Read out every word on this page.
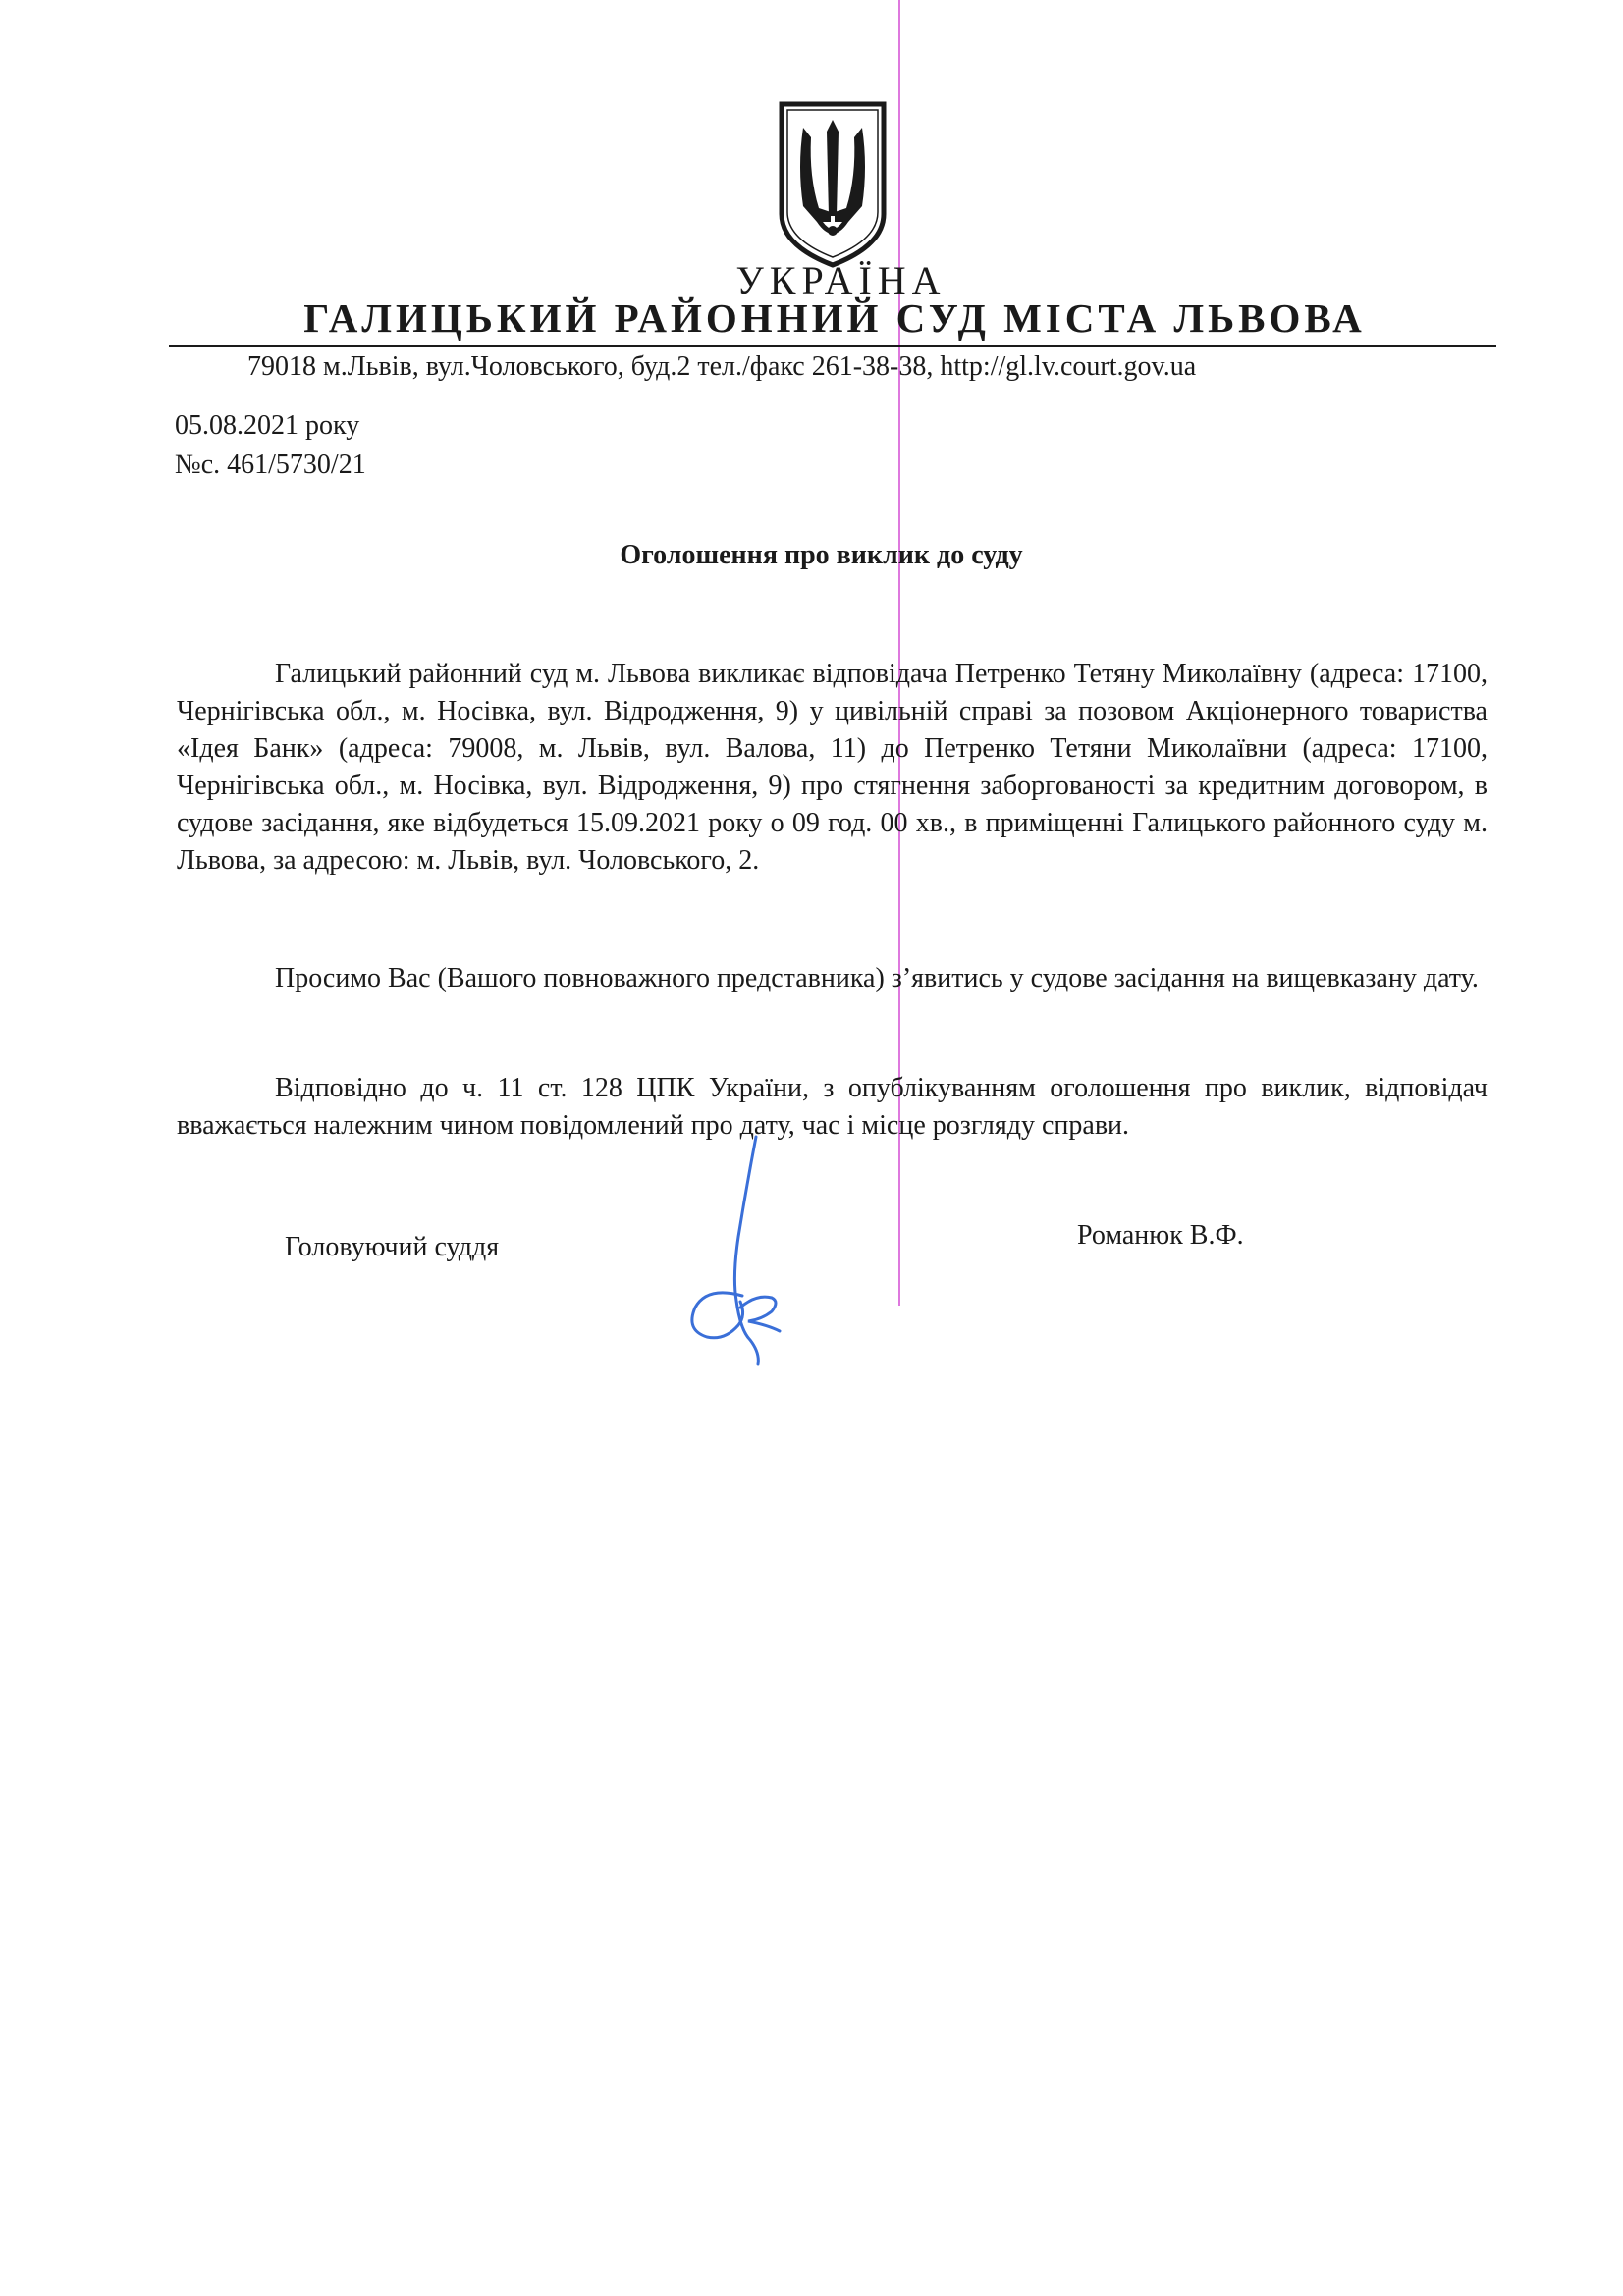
УКРАЇНА
ГАЛИЦЬКИЙ РАЙОННИЙ СУД МІСТА ЛЬВОВА
79018 м.Львів, вул.Чоловського, буд.2 тел./факс 261-38-38, http://gl.lv.court.gov.ua
05.08.2021 року
№с. 461/5730/21
Оголошення про виклик до суду

Галицький районний суд м. Львова викликає відповідача Петренко Тетяну Миколаївну (адреса: 17100, Чернігівська обл., м. Носівка, вул. Відродження, 9) у цивільній справі за позовом Акціонерного товариства «Ідея Банк» (адреса: 79008, м. Львів, вул. Валова, 11) до Петренко Тетяни Миколаївни (адреса: 17100, Чернігівська обл., м. Носівка, вул. Відродження, 9) про стягнення заборгованості за кредитним договором, в судове засідання, яке відбудеться 15.09.2021 року о 09 год. 00 хв., в приміщенні Галицького районного суду м. Львова, за адресою: м. Львів, вул. Чоловського, 2.

Просимо Вас (Вашого повноважного представника) з’явитись у судове засідання на вищевказану дату.

Відповідно до ч. 11 ст. 128 ЦПК України, з опублікуванням оголошення про виклик, відповідач вважається належним чином повідомлений про дату, час і місце розгляду справи.

Головуючий суддя	Романюк В.Ф.
